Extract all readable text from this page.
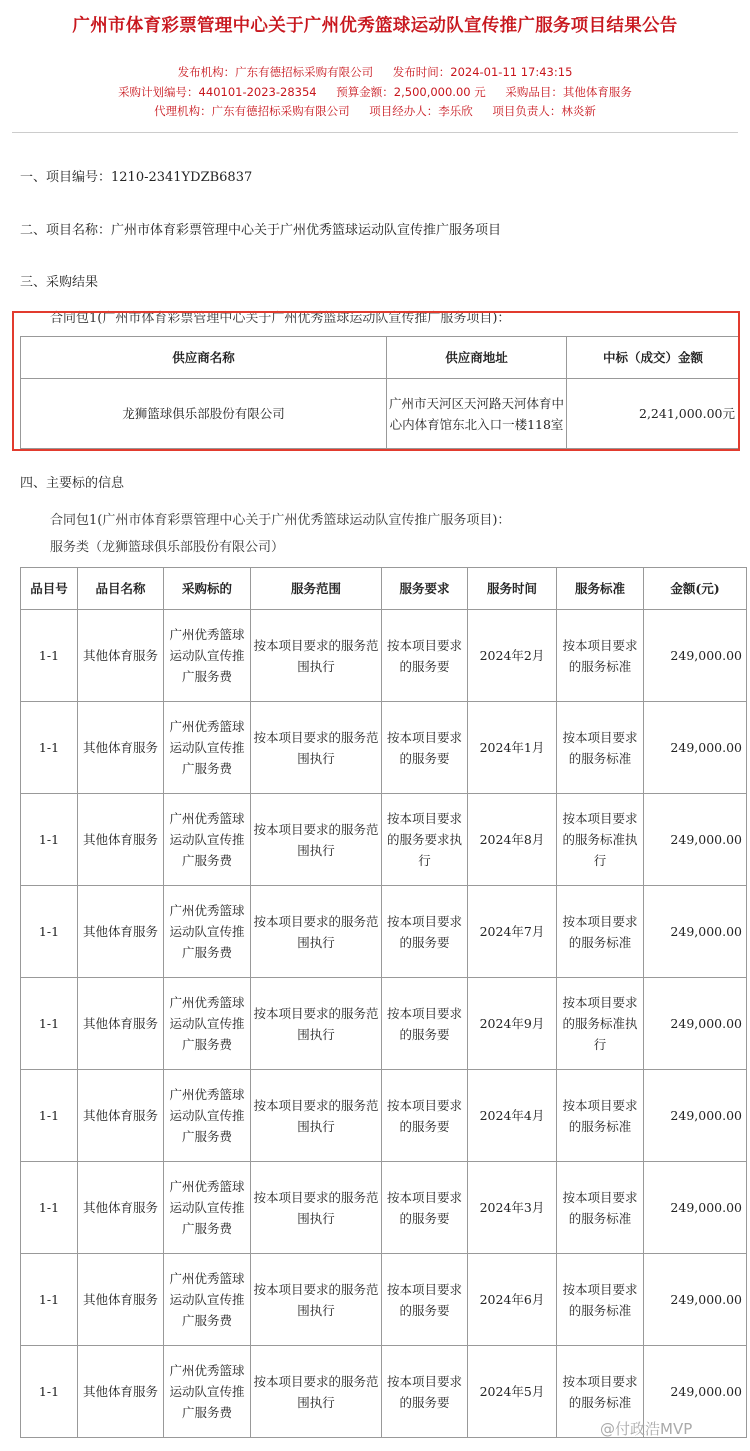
广州市体育彩票管理中心关于广州优秀篮球运动队宣传推广服务项目结果公告
发布机构：广东有德招标采购有限公司 发布时间：2024-01-11 17:43:15
采购计划编号：440101-2023-28354 预算金额：2,500,000.00 元 采购品目：其他体育服务
代理机构：广东有德招标采购有限公司 项目经办人：李乐欣 项目负责人：林炎新
一、项目编号：1210-2341YDZB6837
二、项目名称：广州市体育彩票管理中心关于广州优秀篮球运动队宣传推广服务项目
三、采购结果
合同包1(广州市体育彩票管理中心关于广州优秀篮球运动队宣传推广服务项目)：
供应商名称	供应商地址	中标（成交）金额
龙狮篮球俱乐部股份有限公司	广州市天河区天河路天河体育中心内体育馆东北入口一楼118室	2,241,000.00元
四、主要标的信息
合同包1(广州市体育彩票管理中心关于广州优秀篮球运动队宣传推广服务项目)：
服务类（龙狮篮球俱乐部股份有限公司）
品目号	品目名称	采购标的	服务范围	服务要求	服务时间	服务标准	金额(元)
1-1	其他体育服务	广州优秀篮球运动队宣传推广服务费	按本项目要求的服务范围执行	按本项目要求的服务要	2024年2月	按本项目要求的服务标准	249,000.00
1-1	其他体育服务	广州优秀篮球运动队宣传推广服务费	按本项目要求的服务范围执行	按本项目要求的服务要	2024年1月	按本项目要求的服务标准	249,000.00
1-1	其他体育服务	广州优秀篮球运动队宣传推广服务费	按本项目要求的服务范围执行	按本项目要求的服务要求执行	2024年8月	按本项目要求的服务标准执行	249,000.00
1-1	其他体育服务	广州优秀篮球运动队宣传推广服务费	按本项目要求的服务范围执行	按本项目要求的服务要	2024年7月	按本项目要求的服务标准	249,000.00
1-1	其他体育服务	广州优秀篮球运动队宣传推广服务费	按本项目要求的服务范围执行	按本项目要求的服务要	2024年9月	按本项目要求的服务标准执行	249,000.00
1-1	其他体育服务	广州优秀篮球运动队宣传推广服务费	按本项目要求的服务范围执行	按本项目要求的服务要	2024年4月	按本项目要求的服务标准	249,000.00
1-1	其他体育服务	广州优秀篮球运动队宣传推广服务费	按本项目要求的服务范围执行	按本项目要求的服务要	2024年3月	按本项目要求的服务标准	249,000.00
1-1	其他体育服务	广州优秀篮球运动队宣传推广服务费	按本项目要求的服务范围执行	按本项目要求的服务要	2024年6月	按本项目要求的服务标准	249,000.00
1-1	其他体育服务	广州优秀篮球运动队宣传推广服务费	按本项目要求的服务范围执行	按本项目要求的服务要	2024年5月	按本项目要求的服务标准	249,000.00
@付政浩MVP
